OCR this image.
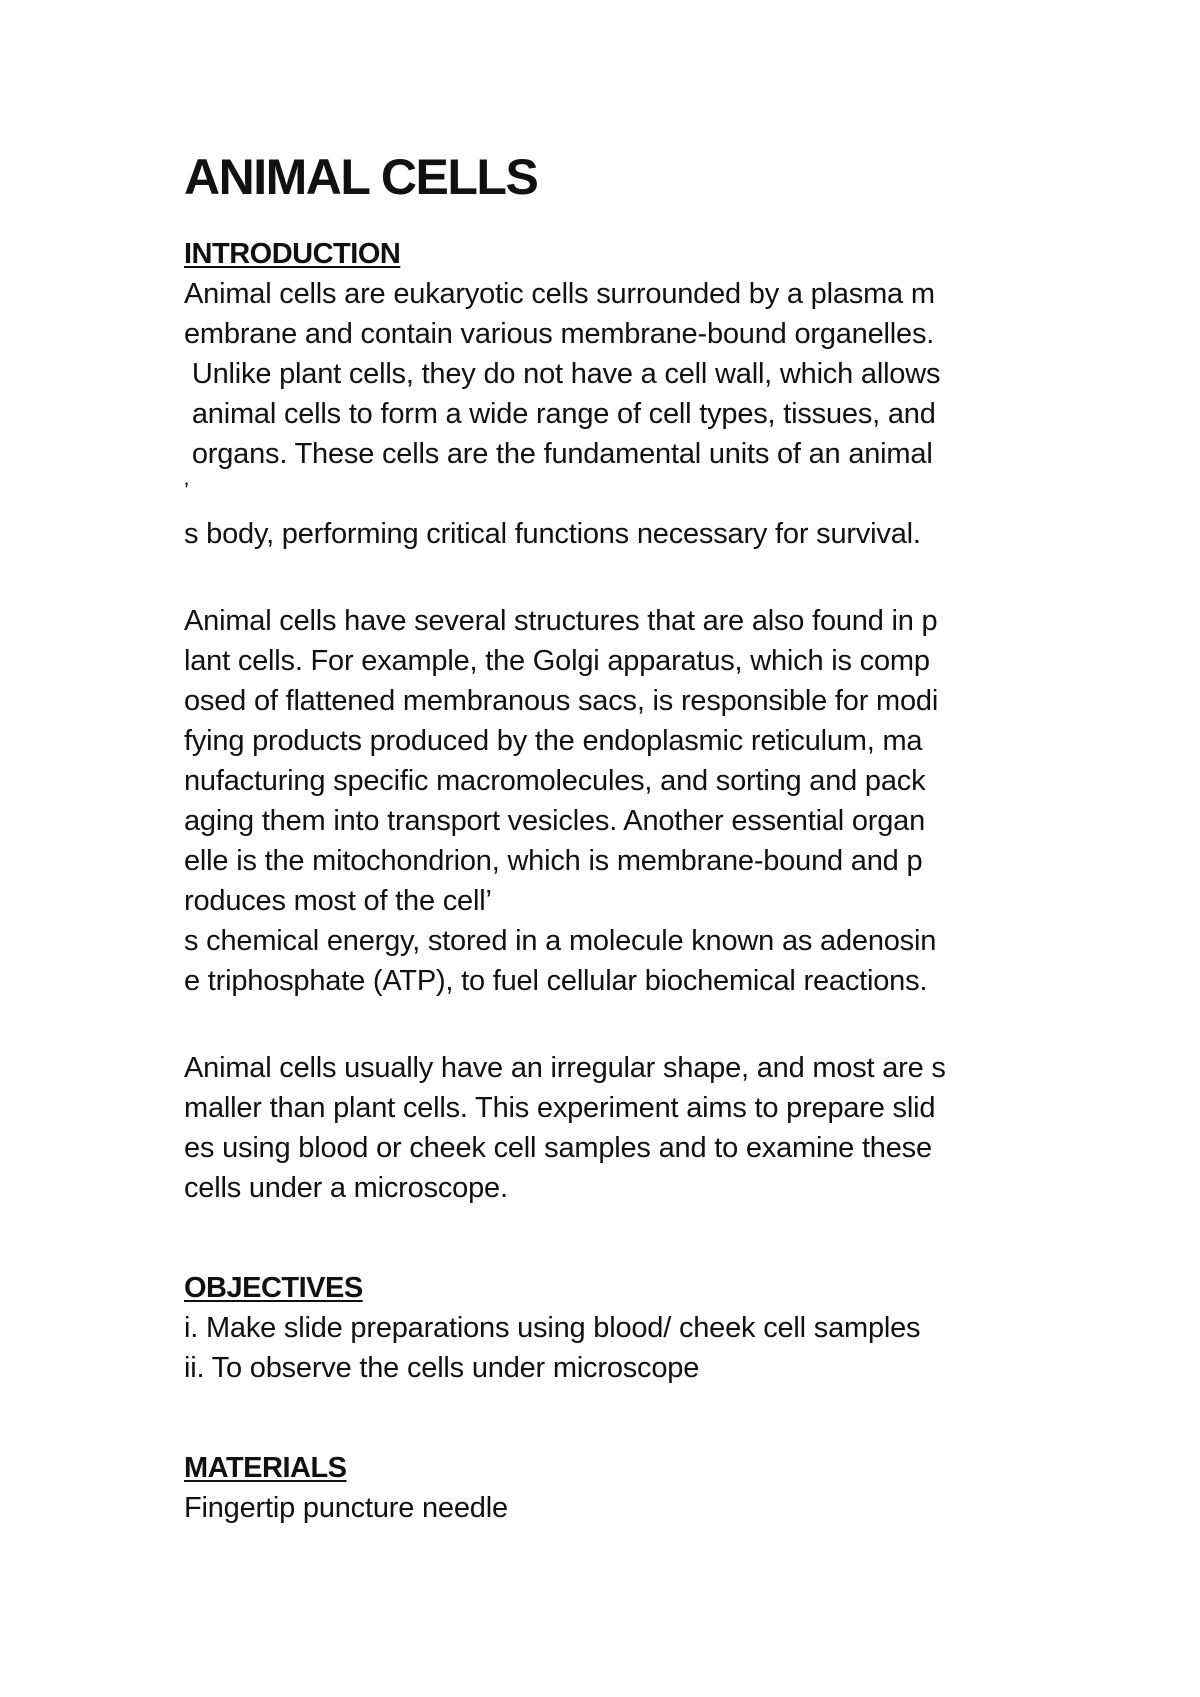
ANIMAL CELLS
INTRODUCTION
Animal cells are eukaryotic cells surrounded by a plasma m
embrane and contain various membrane-bound organelles.
Unlike plant cells, they do not have a cell wall, which allows
animal cells to form a wide range of cell types, tissues, and
organs. These cells are the fundamental units of an animal
’
s body, performing critical functions necessary for survival.
Animal cells have several structures that are also found in p
lant cells. For example, the Golgi apparatus, which is comp
osed of flattened membranous sacs, is responsible for modi
fying products produced by the endoplasmic reticulum, ma
nufacturing specific macromolecules, and sorting and pack
aging them into transport vesicles. Another essential organ
elle is the mitochondrion, which is membrane-bound and p
roduces most of the cell’
s chemical energy, stored in a molecule known as adenosin
e triphosphate (ATP), to fuel cellular biochemical reactions.
Animal cells usually have an irregular shape, and most are s
maller than plant cells. This experiment aims to prepare slid
es using blood or cheek cell samples and to examine these
cells under a microscope.
OBJECTIVES
i. Make slide preparations using blood/ cheek cell samples
ii. To observe the cells under microscope
MATERIALS
Fingertip puncture needle
